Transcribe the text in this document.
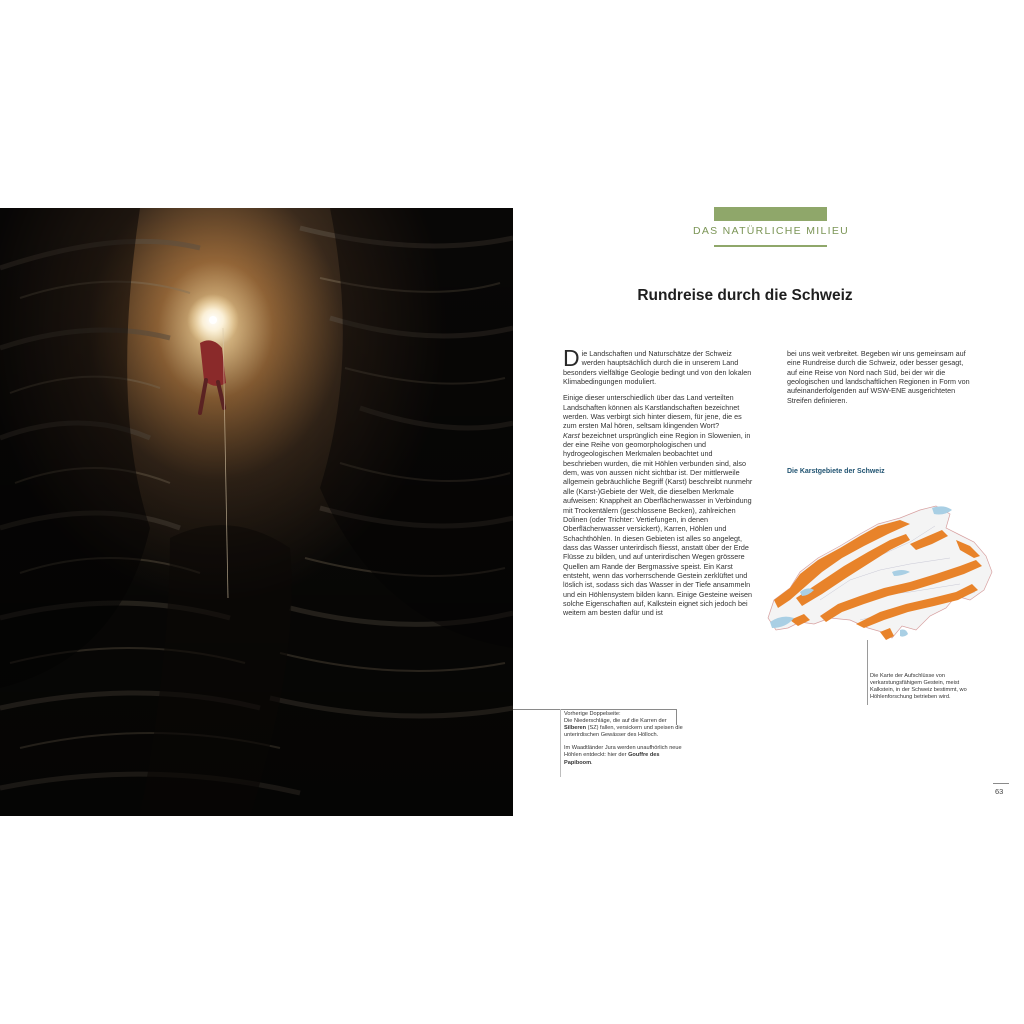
Vorherige Doppelseite:
Die Niederschläge, die auf die Karren der Silberen (SZ) fallen, versickern und speisen die unterirdischen Gewässer des Hölloch.

Im Waadtländer Jura werden unaufhörlich neue Höhlen entdeckt: hier der Gouffre des Papiboom.

DAS NATÜRLICHE MILIEU
Rundreise durch die Schweiz

Die Landschaften und Naturschätze der Schweiz werden hauptsächlich durch die in unserem Land besonders vielfältige Geologie bedingt und von den lokalen Klimabedingungen moduliert.

Einige dieser unterschiedlich über das Land verteilten Landschaften können als Karstlandschaften bezeichnet werden. Was verbirgt sich hinter diesem, für jene, die es zum ersten Mal hören, seltsam klingenden Wort?
Karst bezeichnet ursprünglich eine Region in Slowenien, in der eine Reihe von geomorphologischen und hydrogeologischen Merkmalen beobachtet und beschrieben wurden, die mit Höhlen verbunden sind, also dem, was von aussen nicht sichtbar ist. Der mittlerweile allgemein gebräuchliche Begriff (Karst) beschreibt nunmehr alle (Karst-)Gebiete der Welt, die dieselben Merkmale aufweisen: Knappheit an Oberflächenwasser in Verbindung mit Trockentälern (geschlossene Becken), zahlreichen Dolinen (oder Trichter: Vertiefungen, in denen Oberflächenwasser versickert), Karren, Höhlen und Schachthöhlen. In diesen Gebieten ist alles so angelegt, dass das Wasser unterirdisch fliesst, anstatt über der Erde Flüsse zu bilden, und auf unterirdischen Wegen grössere Quellen am Rande der Bergmassive speist. Ein Karst entsteht, wenn das vorherrschende Gestein zerklüftet und löslich ist, sodass sich das Wasser in der Tiefe ansammeln und ein Höhlensystem bilden kann. Einige Gesteine weisen solche Eigenschaften auf, Kalkstein eignet sich jedoch bei weitem am besten dafür und ist

bei uns weit verbreitet. Begeben wir uns gemeinsam auf eine Rundreise durch die Schweiz, oder besser gesagt, auf eine Reise von Nord nach Süd, bei der wir die geologischen und landschaftlichen Regionen in Form von aufeinanderfolgenden auf WSW-ENE ausgerichteten Streifen definieren.

Die Karstgebiete der Schweiz
Die Karte der Aufschlüsse von verkarstungsfähigem Gestein, meist Kalkstein, in der Schweiz bestimmt, wo Höhlenforschung betrieben wird.
63
